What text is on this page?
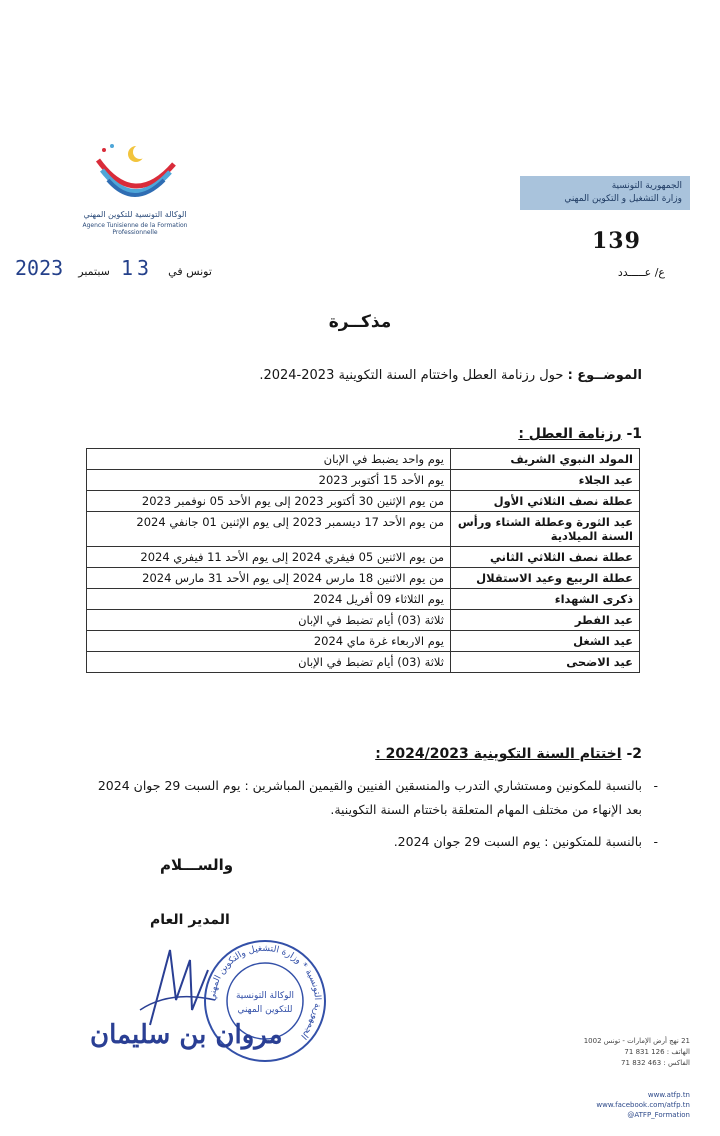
الوكالة التونسية للتكوين المهني
Agence Tunisienne de la Formation Professionnelle
الجمهورية التونسية
وزارة التشغيل و التكوين المهني
139
ع/ عـــــدد
2023 سبتمبر 13 تونس في
مذكــرة
الموضــوع : حول رزنامة العطل واختتام السنة التكوينية 2023-2024.
1- رزنامة العطل :
المولد النبوي الشريف	يوم واحد يضبط في الإبان
عيد الجلاء	يوم الأحد 15 أكتوبر 2023
عطلة نصف الثلاثي الأول	من يوم الإثنين 30 أكتوبر 2023 إلى يوم الأحد 05 نوفمبر 2023
عيد الثورة وعطلة الشتاء ورأس السنة الميلادية	من يوم الأحد 17 ديسمبر 2023 إلى يوم الإثنين 01 جانفي 2024
عطلة نصف الثلاثي الثاني	من يوم الاثنين 05 فيفري 2024 إلى يوم الأحد 11 فيفري 2024
عطلة الربيع وعيد الاستقلال	من يوم الاثنين 18 مارس 2024 إلى يوم الأحد 31 مارس 2024
ذكرى الشهداء	يوم الثلاثاء 09 أفريل 2024
عيد الفطر	ثلاثة (03) أيام تضبط في الإبان
عيد الشغل	يوم الاربعاء غرة ماي 2024
عيد الاضحى	ثلاثة (03) أيام تضبط في الإبان
2- اختتام السنة التكوينية 2024/2023 :
-
بالنسبة للمكونين ومستشاري التدرب والمنسقين الفنيين والقيمين المباشرين : يوم السبت 29 جوان 2024 بعد الإنهاء من مختلف المهام المتعلقة باختتام السنة التكوينية.
-
بالنسبة للمتكونين : يوم السبت 29 جوان 2024.
والســـلام
المدير العام
الجمهورية التونسية * وزارة التشغيل والتكوين المهني
الوكالة التونسية
للتكوين المهني
مروان بن سليمان	21 نهج أرض الإمارات - تونس 1002
الهاتف : 126 831 71
الفاكس : 463 832 71
www.atfp.tn
www.facebook.com/atfp.tn
@ATFP_Formation
